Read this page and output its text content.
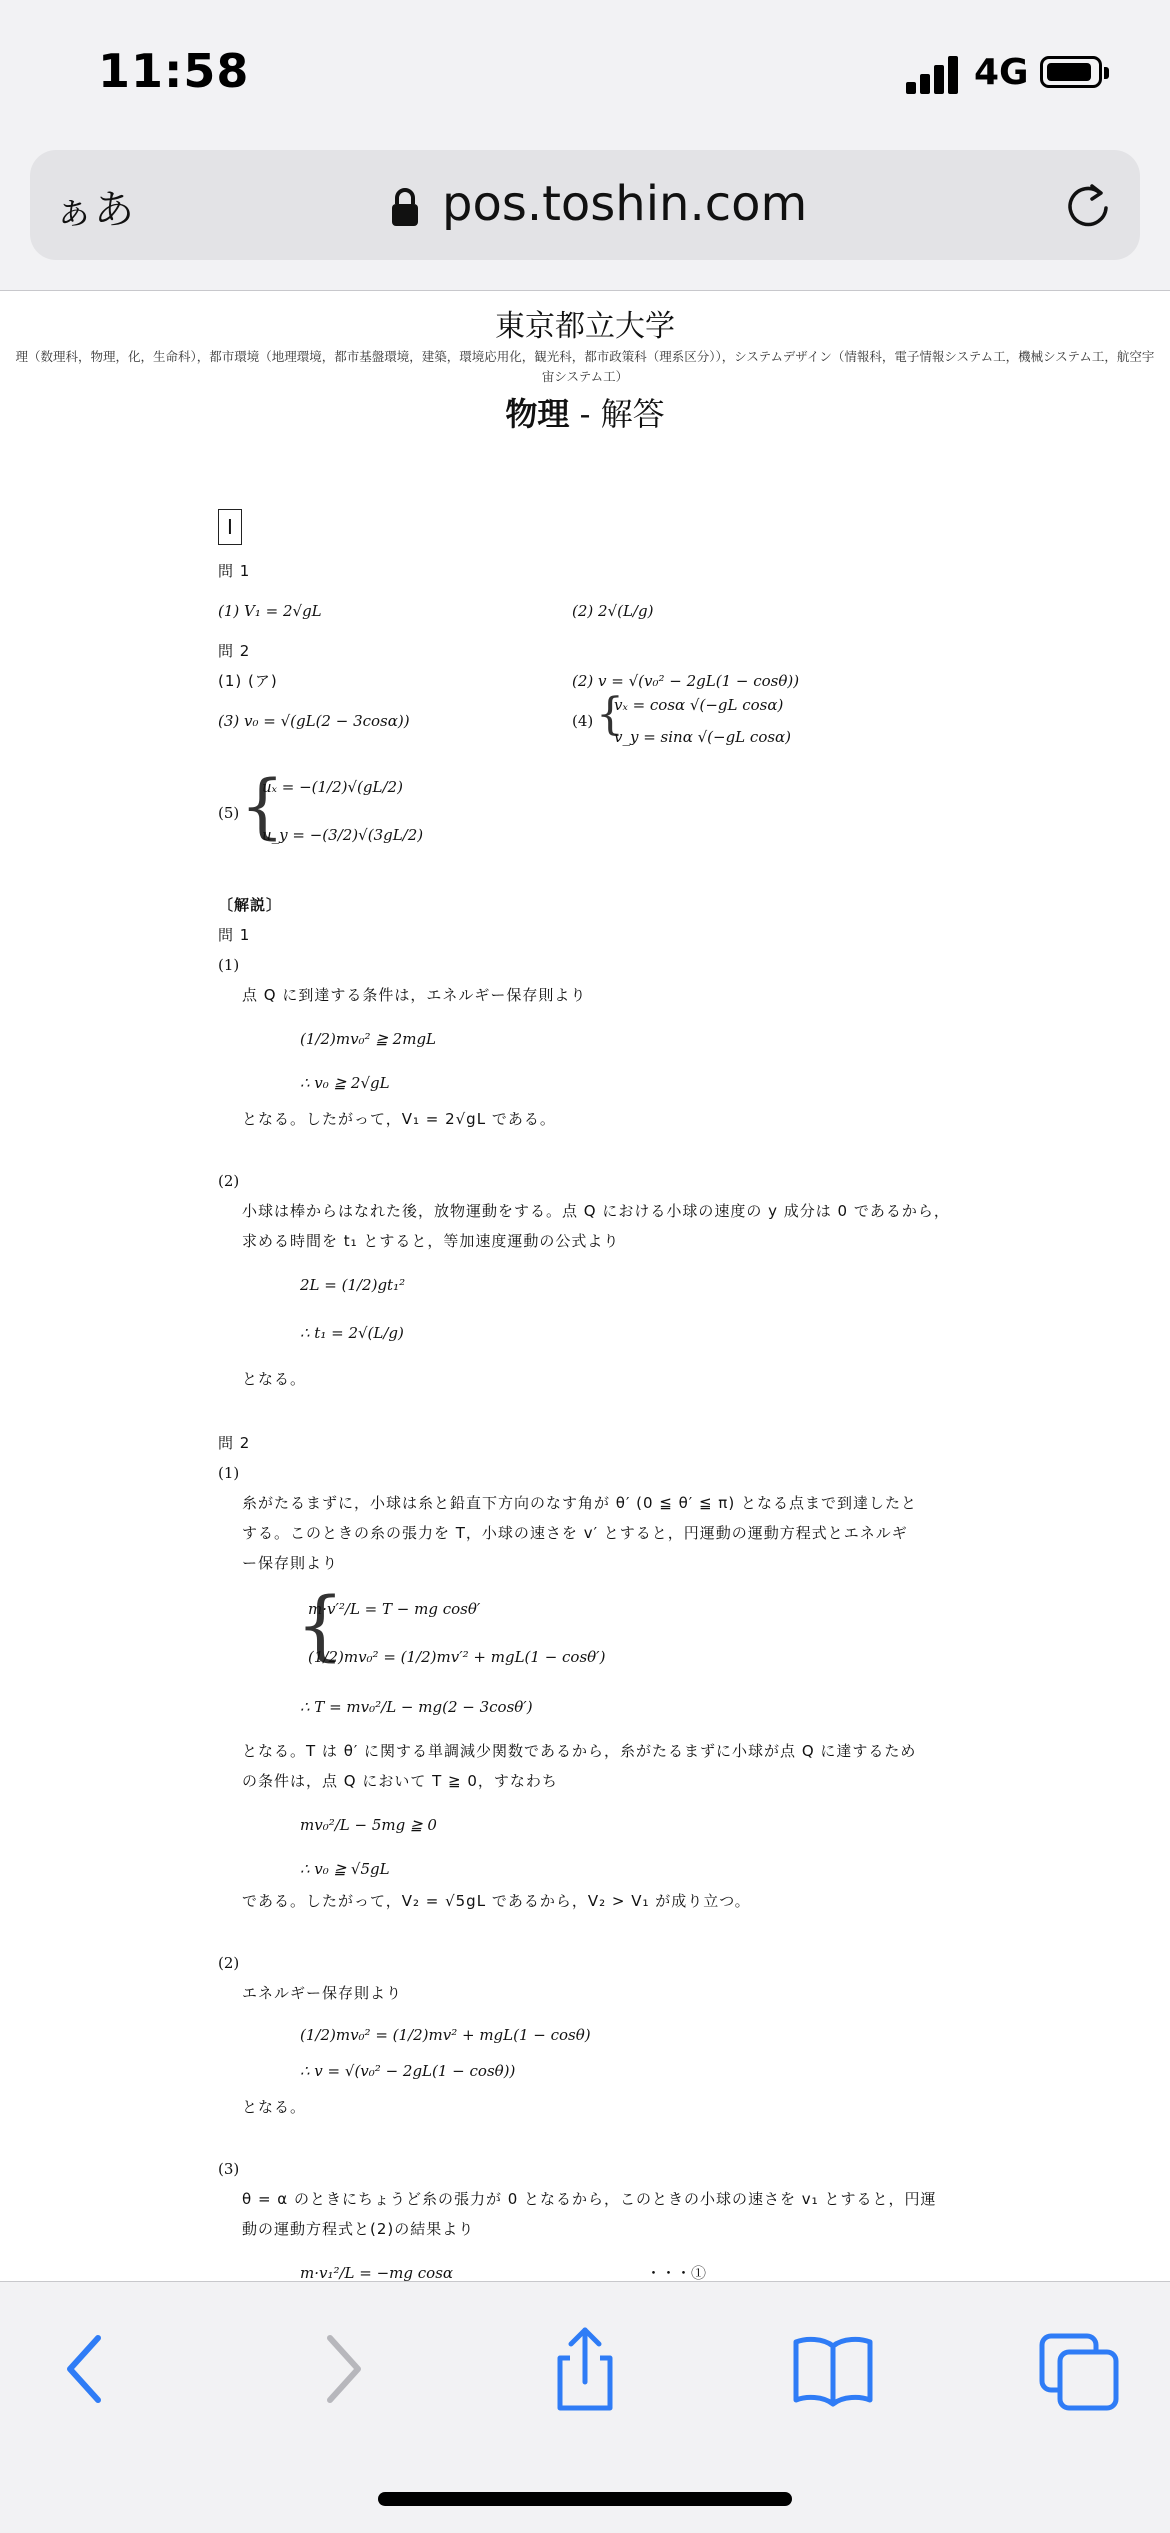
11:58	4G
ぁあ	pos.toshin.com
東京都立大学
理（数理科，物理，化，生命科），都市環境（地理環境，都市基盤環境，建築，環境応用化，観光科，都市政策科（理系区分）），システムデザイン（情報科，電子情報システム工，機械システム工，航空宇宙システム工）
物理 - 解答
I
問 1
(1) V₁ = 2√gL	(2) 2√(L/g)
問 2
(1) (ア)	(2) v = √(v₀² − 2gL(1 − cosθ))
(3) v₀ = √(gL(2 − 3cosα))	(4) {
vₓ = cosα √(−gL cosα)
v_y = sinα √(−gL cosα)
(5) {
uₓ = −(1/2)√(gL/2)
u_y = −(3/2)√(3gL/2)
〔解説〕
問 1
(1)
点 Q に到達する条件は，エネルギー保存則より
(1/2)mv₀² ≧ 2mgL
∴ v₀ ≧ 2√gL
となる。したがって，V₁ = 2√gL である。
(2)
小球は棒からはなれた後，放物運動をする。点 Q における小球の速度の y 成分は 0 であるから，
求める時間を t₁ とすると，等加速度運動の公式より
2L = (1/2)gt₁²
∴ t₁ = 2√(L/g)
となる。
問 2
(1)
糸がたるまずに，小球は糸と鉛直下方向のなす角が θ′ (0 ≦ θ′ ≦ π) となる点まで到達したと
する。このときの糸の張力を T，小球の速さを v′ とすると，円運動の運動方程式とエネルギ
ー保存則より
{
m·v′²/L = T − mg cosθ′
(1/2)mv₀² = (1/2)mv′² + mgL(1 − cosθ′)
∴ T = mv₀²/L − mg(2 − 3cosθ′)
となる。T は θ′ に関する単調減少関数であるから，糸がたるまずに小球が点 Q に達するため
の条件は，点 Q において T ≧ 0，すなわち
mv₀²/L − 5mg ≧ 0
∴ v₀ ≧ √5gL
である。したがって，V₂ = √5gL であるから，V₂ > V₁ が成り立つ。
(2)
エネルギー保存則より
(1/2)mv₀² = (1/2)mv² + mgL(1 − cosθ)
∴ v = √(v₀² − 2gL(1 − cosθ))
となる。
(3)
θ = α のときにちょうど糸の張力が 0 となるから，このときの小球の速さを v₁ とすると，円運
動の運動方程式と(2)の結果より
m·v₁²/L = −mg cosα	・・・①
